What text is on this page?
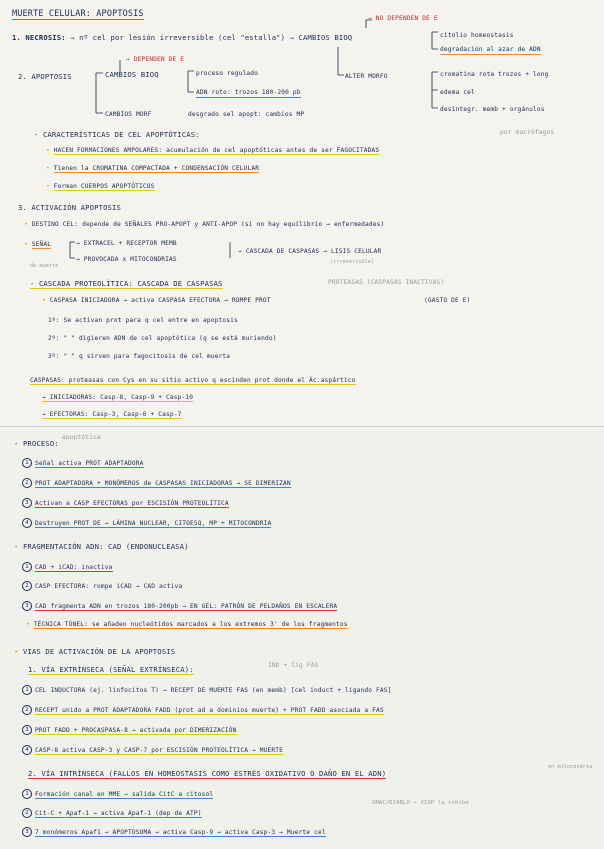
MUERTE CELULAR: APOPTOSIS	→ NO DEPENDEN DE E
1. NECROSIS: → nº cel por lesión irreversible (cel "estalla") → CAMBIOS BIOQ	citolio homeostasis
degradación al azar de ADN
→ DEPENDEN DE E
2. APOPTOSIS	CAMBIOS BIOQ	proceso regulado
ADN roto: trozos 180-200 pb
ALTER MORFO	cromatina rota trozos + long
edema cel
desintegr. memb + orgánulos
CAMBIOS MORF	desgrado sel apopt: cambios MP
- CARACTERÍSTICAS DE CEL APOPTÓTICAS:	por macrófagos
• HACEN FORMACIONES AMPOLARES: acumulación de cel apoptóticas antes de ser FAGOCITADAS
• Tienen la CROMATINA COMPACTADA + CONDENSACIÓN CELULAR
• Forman CUERPOS APOPTÓTICOS
3. ACTIVACIÓN APOPTOSIS
• DESTINO CEL: depende de SEÑALES PRO-APOPT y ANTI-APOP (si no hay equilibrio → enfermedades)
• SEÑAL
de muerte
→ EXTRACEL + RECEPTOR MEMB
→ PROVOCADA x MITOCONDRIAS
→ CASCADA DE CASPASAS → LISIS CELULAR
(irreversible)
- CASCADA PROTEOLÍTICA: CASCADA DE CASPASAS	PROTEASAS (CASPASAS INACTIVAS)
• CASPASA INICIADORA → activa CASPASA EFECTORA → ROMPE PROT	(GASTO DE E)
1º: Se activan prot para q cel entre en apoptosis
2º: " " digieren ADN de cel apoptótica (q se está muriendo)
3º: " " q sirven para fagocitosis de cel muerta
CASPASAS: proteasas con Cys en su sitio activo q escinden prot donde el Ác.aspártico
→ INICIADORAS: Casp-8, Casp-9 + Casp-10
→ EFECTORAS: Casp-3, Casp-6 + Casp-7
- PROCESO:
apoptótica
1 Señal activa PROT ADAPTADORA
2 PROT ADAPTADORA + MONÓMEROS de CASPASAS INICIADORAS → SE DIMERIZAN
3 Activan a CASP EFECTORAS por ESCISIÓN PROTEOLÍTICA
4 Destruyen PROT DE → LÁMINA NUCLEAR, CITOESQ, MP + MITOCONDRIA
- FRAGMENTACIÓN ADN: CAD (ENDONUCLEASA)
1 CAD + iCAD: inactiva
2 CASP EFECTORA: rompe iCAD → CAD activa
3 CAD fragmenta ADN en trozos 180-200pb → EN GEL: PATRÓN DE PELDAÑOS EN ESCALERA
• TÉCNICA TÚNEL: se añaden nucleótidos marcados a los extremos 3' de los fragmentos
• VIAS DE ACTIVACIÓN DE LA APOPTOSIS
1. VÍA EXTRÍNSECA (SEÑAL EXTRÍNSECA):	IND + lig FAS
1 CEL INDUCTORA (ej. linfocitos T) → RECEPT DE MUERTE FAS (en memb) [cel induct + ligando FAS]
2 RECEPT unido a PROT ADAPTADORA FADD (prot ad a dominios muerte) + PROT FADD asociada a FAS
3 PROT FADD + PROCASPASA-8 → activada por DIMERIZACIÓN
4 CASP-8 activa CASP-3 y CASP-7 por ESCISIÓN PROTEOLÍTICA → MUERTE
2. VÍA INTRÍNSECA (FALLOS EN HOMEOSTASIS COMO ESTRÉS OXIDATIVO O DAÑO EN EL ADN)
en mitocondria
1 Formación canal en MME → salida CitC a citosol
2 Cit-C + Apaf-1 → activa Apaf-1 (dep de ATP)
3 7 monómeros Apaf1 → APOPTOSOMA → activa Casp-9 → activa Casp-3 → Muerte cel
SMAC/DIABLO → XIAP la inhibe
